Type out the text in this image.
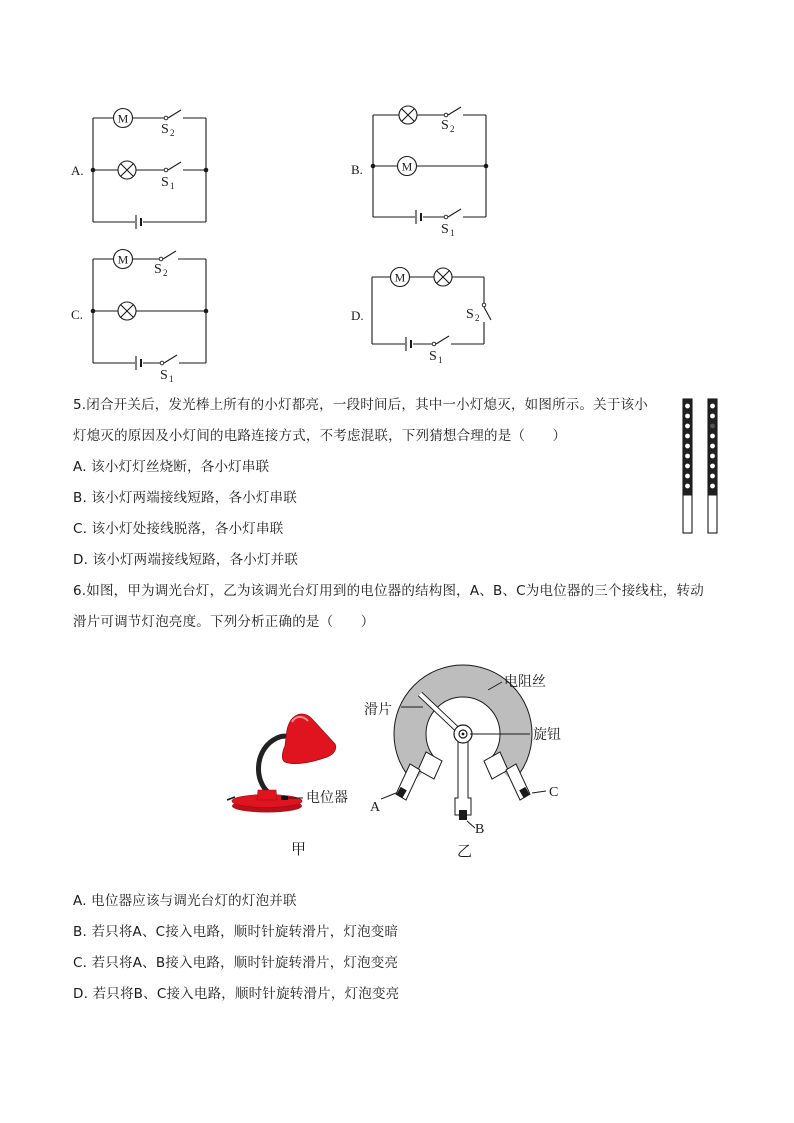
M
S 2
S 1
A.	M
S 2
S 1
B.
M
S 2
S 1
C.
M
S 2
S 1
D.
5.闭合开关后，发光棒上所有的小灯都亮，一段时间后，其中一小灯熄灭，如图所示。关于该小
灯熄灭的原因及小灯间的电路连接方式，不考虑混联，下列猜想合理的是（　　）
A. 该小灯灯丝烧断，各小灯串联
B. 该小灯两端接线短路，各小灯串联
C. 该小灯处接线脱落，各小灯串联
D. 该小灯两端接线短路，各小灯并联
6.如图，甲为调光台灯，乙为该调光台灯用到的电位器的结构图，A、B、C为电位器的三个接线柱，转动
滑片可调节灯泡亮度。下列分析正确的是（　　）
电位器
甲
电阻丝
滑片
旋钮
A
C
B
乙
A. 电位器应该与调光台灯的灯泡并联
B. 若只将A、C接入电路，顺时针旋转滑片，灯泡变暗
C. 若只将A、B接入电路，顺时针旋转滑片，灯泡变亮
D. 若只将B、C接入电路，顺时针旋转滑片，灯泡变亮
